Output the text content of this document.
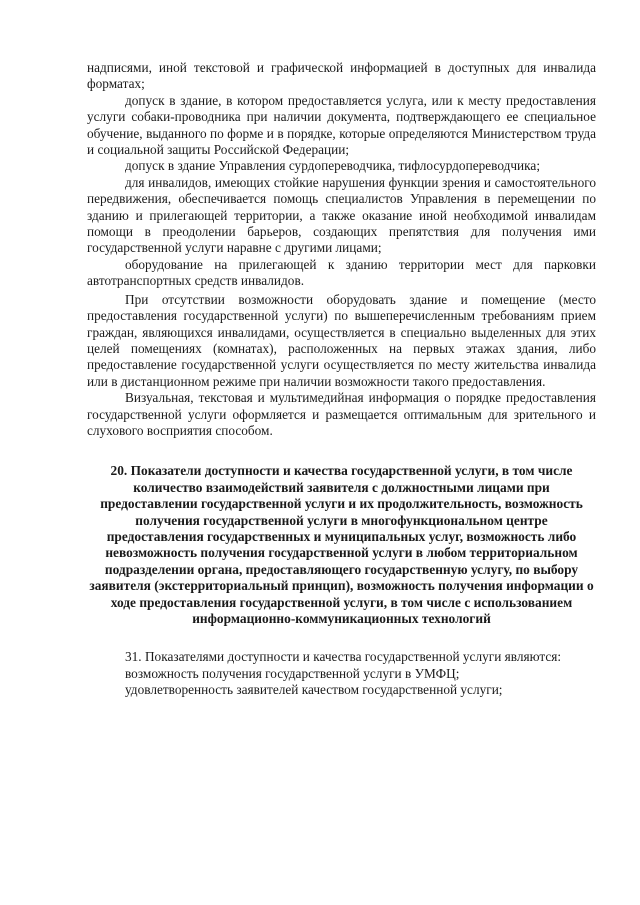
надписями, иной текстовой и графической информацией в доступных для инвалида форматах;

допуск в здание, в котором предоставляется услуга, или к месту предоставления услуги собаки-проводника при наличии документа, подтверждающего ее специальное обучение, выданного по форме и в порядке, которые определяются Министерством труда и социальной защиты Российской Федерации;

допуск в здание Управления сурдопереводчика, тифлосурдопереводчика;

для инвалидов, имеющих стойкие нарушения функции зрения и самостоятельного передвижения, обеспечивается помощь специалистов Управления в перемещении по зданию и прилегающей территории, а также оказание иной необходимой инвалидам помощи в преодолении барьеров, создающих препятствия для получения ими государственной услуги наравне с другими лицами;

оборудование на прилегающей к зданию территории мест для парковки автотранспортных средств инвалидов.

При отсутствии возможности оборудовать здание и помещение (место предоставления государственной услуги) по вышеперечисленным требованиям прием граждан, являющихся инвалидами, осуществляется в специально выделенных для этих целей помещениях (комнатах), расположенных на первых этажах здания, либо предоставление государственной услуги осуществляется по месту жительства инвалида или в дистанционном режиме при наличии возможности такого предоставления.

Визуальная, текстовая и мультимедийная информация о порядке предоставления государственной услуги оформляется и размещается оптимальным для зрительного и слухового восприятия способом.

20. Показатели доступности и качества государственной услуги, в том числе количество взаимодействий заявителя с должностными лицами при предоставлении государственной услуги и их продолжительность, возможность получения государственной услуги в многофункциональном центре предоставления государственных и муниципальных услуг, возможность либо невозможность получения государственной услуги в любом территориальном подразделении органа, предоставляющего государственную услугу, по выбору заявителя (экстерриториальный принцип), возможность получения информации о ходе предоставления государственной услуги, в том числе с использованием информационно-коммуникационных технологий

31. Показателями доступности и качества государственной услуги являются:

возможность получения государственной услуги в УМФЦ;

удовлетворенность заявителей качеством государственной услуги;
